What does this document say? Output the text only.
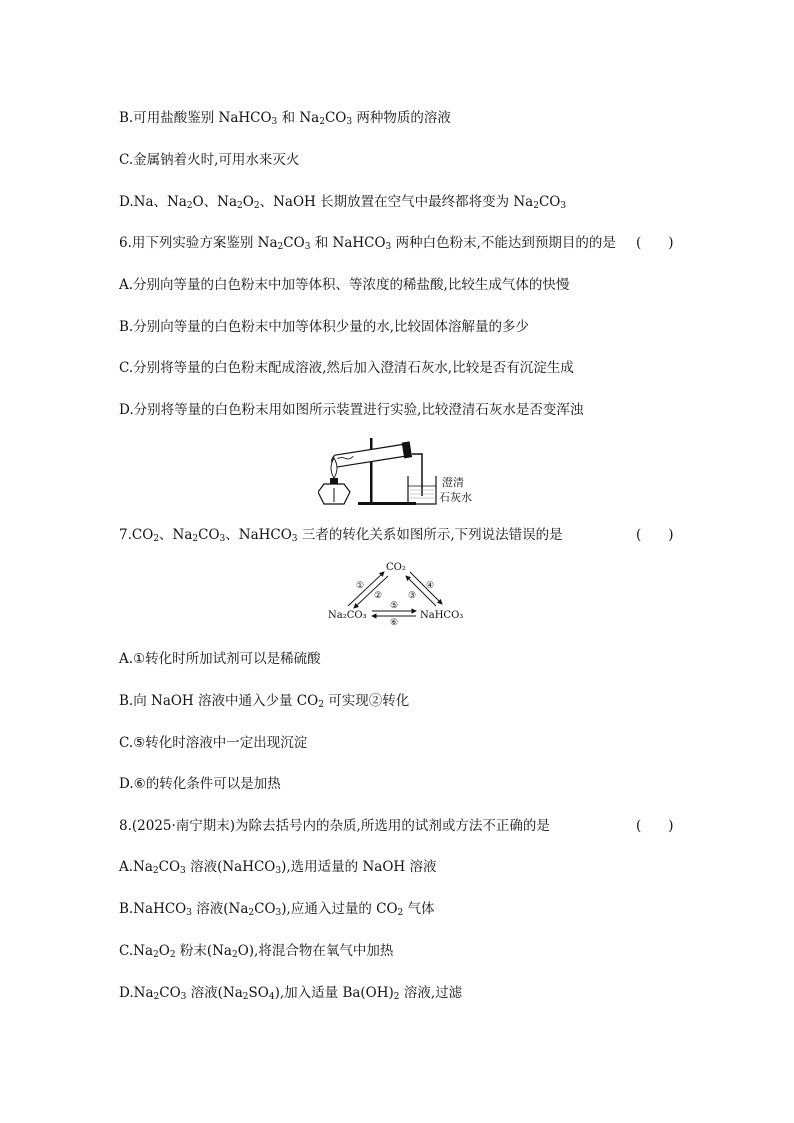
B.可用盐酸鉴别 NaHCO$_3$ 和 $Na_2CO_3$ 两种物质的溶液
C.金属钠着火时,可用水来灭火
D.Na、$Na_2O$、$Na_2O_2$、NaOH 长期放置在空气中最终都将变为 $Na_2CO_3$
6.用下列实验方案鉴别 $Na_2CO_3$ 和 NaHCO$_3$ 两种白色粉末,不能达到预期目的的是 (　　)
A.分别向等量的白色粉末中加等体积、等浓度的稀盐酸,比较生成气体的快慢
B.分别向等量的白色粉末中加等体积少量的水,比较固体溶解量的多少
C.分别将等量的白色粉末配成溶液,然后加入澄清石灰水,比较是否有沉淀生成
D.分别将等量的白色粉末用如图所示装置进行实验,比较澄清石灰水是否变浑浊
澄清
石灰水
$7.CO_2$、$Na_2CO_3$、NaHCO$_3$ 三者的转化关系如图所示,下列说法错误的是	(　　)
CO₂
Na₂CO₃	NaHCO₃
①
②	③
④
⑤
⑥
A.①转化时所加试剂可以是稀硫酸
B.向 NaOH 溶液中通入少量 $CO_2$ 可实现②转化
C.⑤转化时溶液中一定出现沉淀
D.⑥的转化条件可以是加热
8.(2025·南宁期末)为除去括号内的杂质,所选用的试剂或方法不正确的是	(　　)
$A.Na_2CO_3$ 溶液(NaHCO$_3$),选用适量的 NaOH 溶液
B.NaHCO$_3$ 溶液$(Na_2CO_3)$,应通入过量的 $CO_2$ 气体
$C.Na_2O_2$ 粉末$(Na_2O)$,将混合物在氧气中加热
$D.Na_2CO_3$ 溶液$(Na_2SO_4)$,加入适量 $Ba(OH)_2$ 溶液,过滤
